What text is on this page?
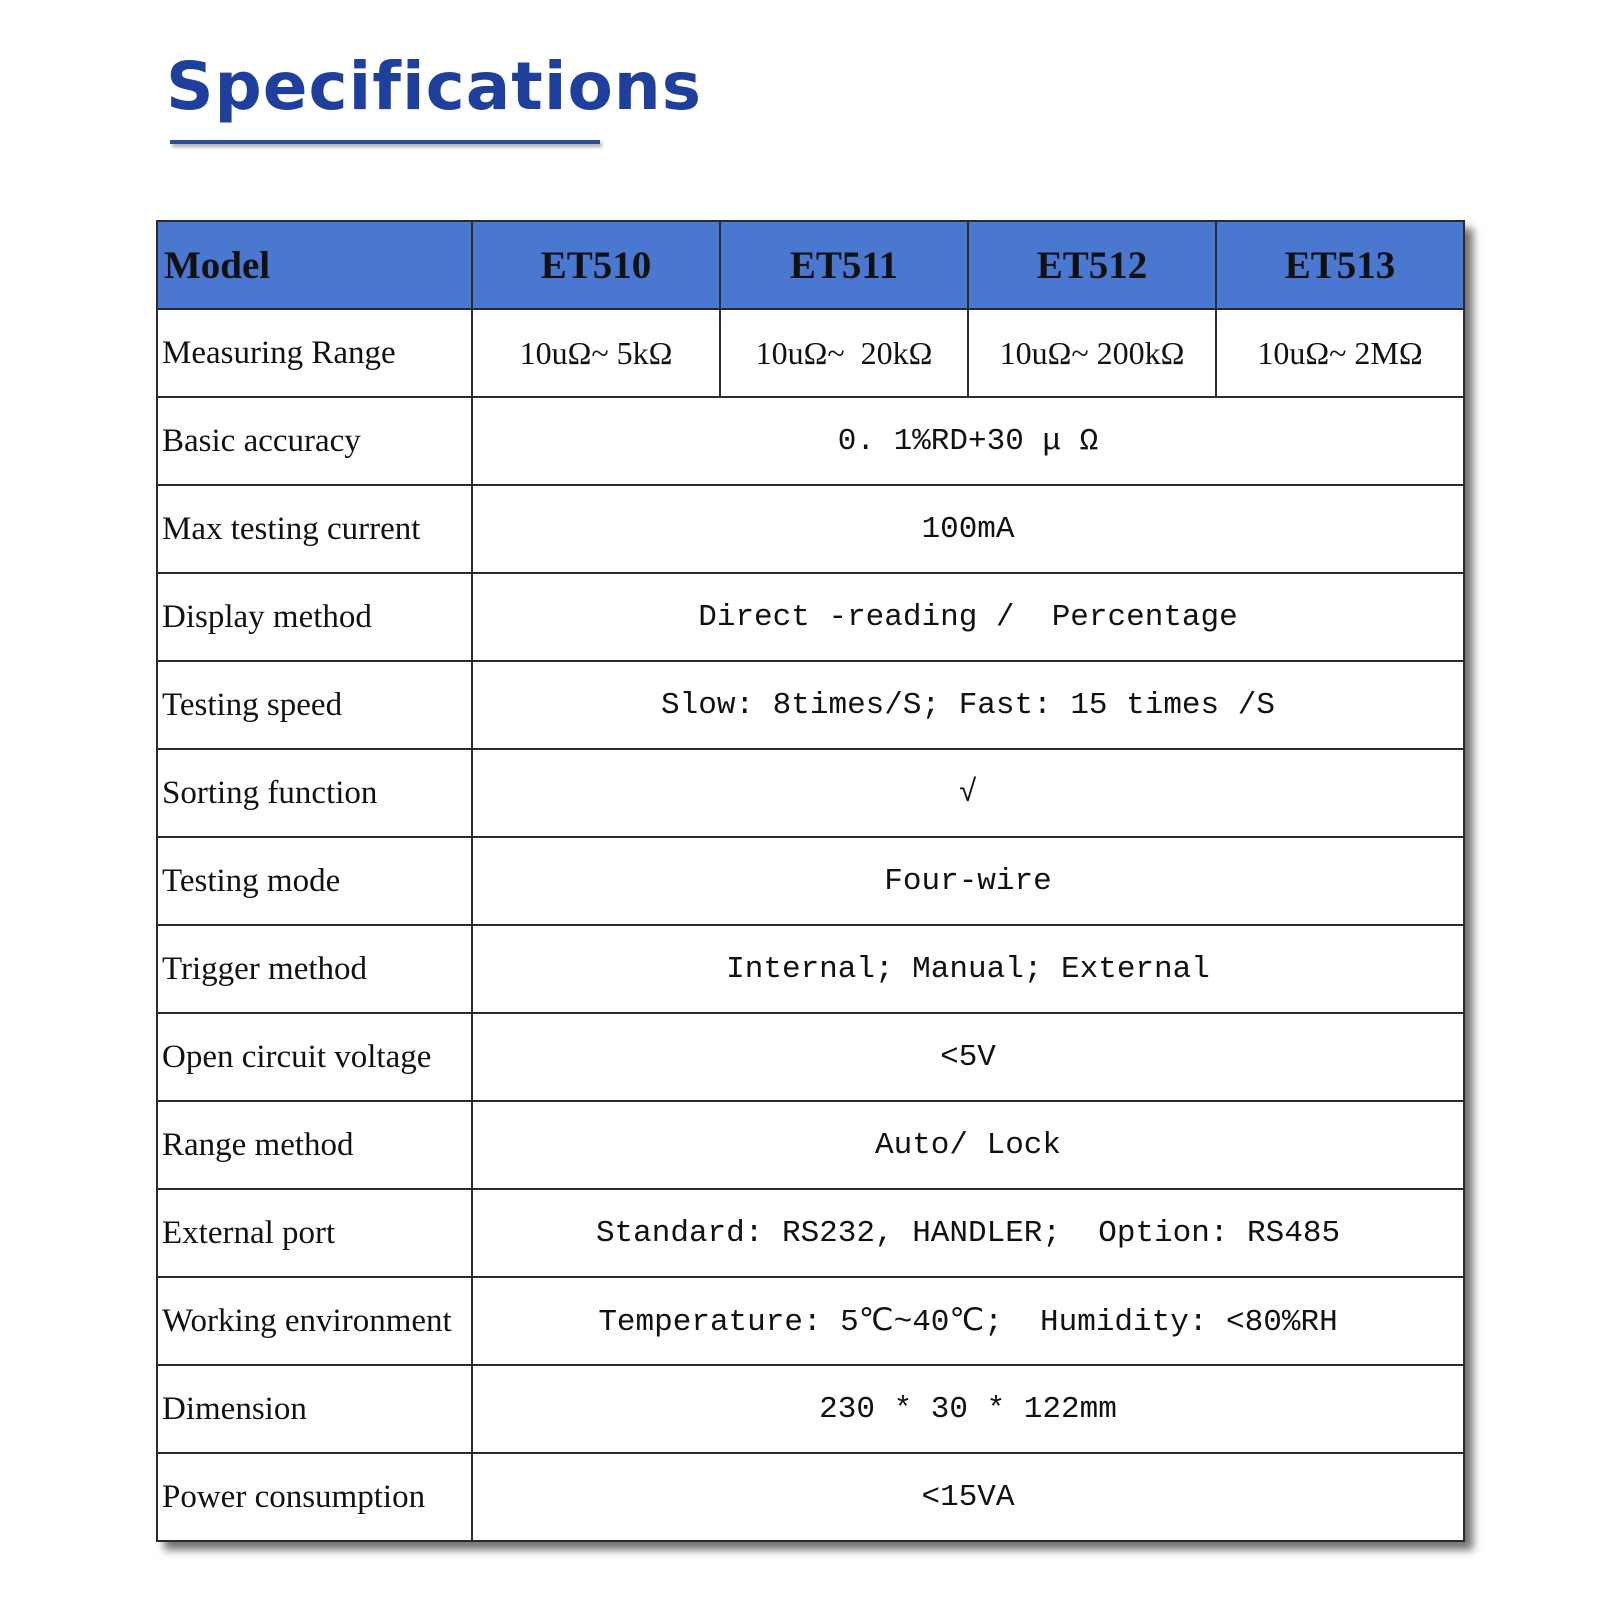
Specifications
Model	ET510	ET511	ET512	ET513
Measuring Range	10uΩ~ 5kΩ	10uΩ~  20kΩ	10uΩ~ 200kΩ	10uΩ~ 2MΩ
Basic accuracy	0. 1%RD+30 μ Ω			
Max testing current	100mA			
Display method	Direct -reading /  Percentage			
Testing speed	Slow: 8times/S; Fast: 15 times /S			
Sorting function	√			
Testing mode	Four-wire			
Trigger method	Internal; Manual; External			
Open circuit voltage	<5V			
Range method	Auto/ Lock			
External port	Standard: RS232, HANDLER;  Option: RS485			
Working environment	Temperature: 5℃~40℃;  Humidity: <80%RH			
Dimension	230 * 30 * 122mm			
Power consumption	<15VA			
